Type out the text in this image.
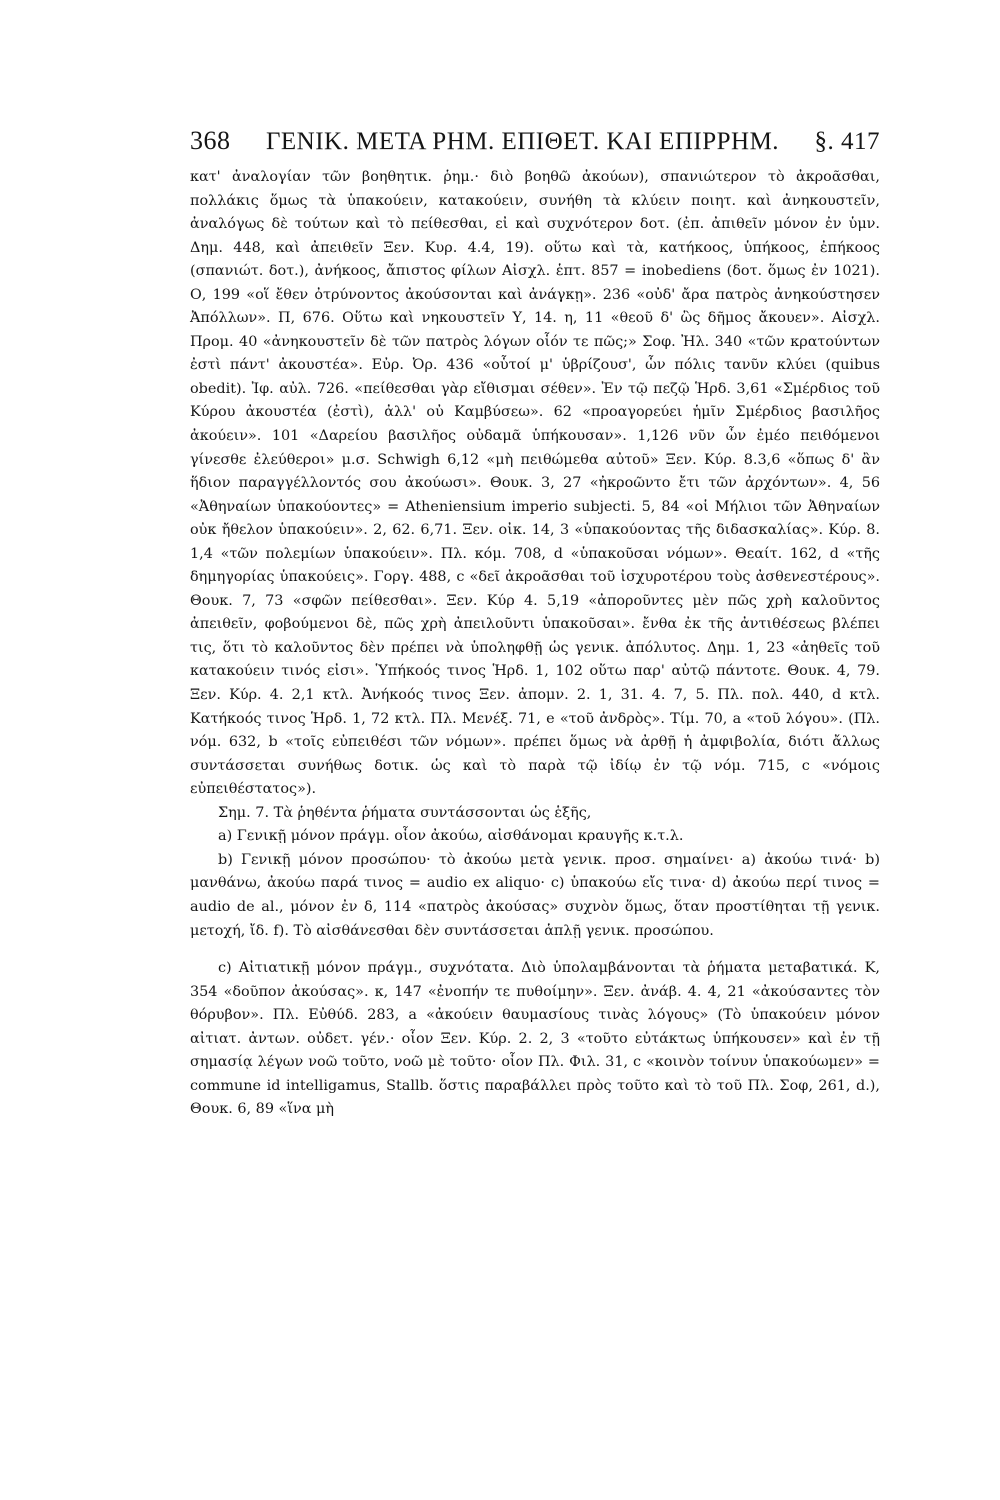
368 ΓΕΝΙΚ. ΜΕΤΑ ΡΗΜ. ΕΠΙΘΕΤ. ΚΑΙ ΕΠΙΡΡΗΜ. §. 417
κατ' ἀναλογίαν τῶν βοηθητικ. ῥημ.· διὸ βοηθῶ ἀκούων), σπανιώτερον τὸ ἀκροᾶσθαι, πολλάκις ὅμως τὰ ὑπακούειν, κατακούειν, συνήθη τὰ κλύειν ποιητ. καὶ ἀνηκουστεῖν, ἀναλόγως δὲ τούτων καὶ τὸ πείθεσθαι, εἰ καὶ συχνότερον δοτ. (ἐπ. ἀπιθεῖν μόνον ἐν ὑμν. Δημ. 448, καὶ ἀπειθεῖν Ξεν. Κυρ. 4.4, 19). οὕτω καὶ τὰ, κατήκοος, ὑπήκοος, ἐπήκοος (σπανιώτ. δοτ.), ἀνήκοος, ἄπιστος φίλων Αἰσχλ. ἑπτ. 857 = inobediens (δοτ. ὅμως ἐν 1021). Ο, 199 «οἵ ἔθεν ὀτρύνοντος ἀκούσονται καὶ ἀνάγκῃ». 236 «οὐδ' ἄρα πατρὸς ἀνηκούστησεν Ἀπόλλων». Π, 676. Οὕτω καὶ νηκουστεῖν Υ, 14. η, 11 «θεοῦ δ' ὣς δῆμος ἄκουεν». Αἰσχλ. Προμ. 40 «ἀνηκουστεῖν δὲ τῶν πατρὸς λόγων οἷόν τε πῶς;» Σοφ. Ἠλ. 340 «τῶν κρατούντων ἐστὶ πάντ' ἀκουστέα». Εὐρ. Ὀρ. 436 «οὗτοί μ' ὑβρίζουσ', ὧν πόλις τανῦν κλύει (quibus obedit). Ἰφ. αὐλ. 726. «πείθεσθαι γὰρ εἴθισμαι σέθεν». Ἐν τῷ πεζῷ Ἡρδ. 3,61 «Σμέρδιος τοῦ Κύρου ἀκουστέα (ἐστὶ), ἀλλ' οὐ Καμβύσεω». 62 «προαγορεύει ἡμῖν Σμέρδιος βασιλῆος ἀκούειν». 101 «Δαρείου βασιλῆος οὐδαμᾶ ὑπήκουσαν». 1,126 νῦν ὦν ἐμέο πειθόμενοι γίνεσθε ἐλεύθεροι» μ.σ. Schwigh 6,12 «μὴ πειθώμεθα αὐτοῦ» Ξεν. Κύρ. 8.3,6 «ὅπως δ' ἂν ἥδιον παραγγέλλοντός σου ἀκούωσι». Θουκ. 3, 27 «ἠκροῶντο ἔτι τῶν ἀρχόντων». 4, 56 «Ἀθηναίων ὑπακούοντες» = Atheniensium imperio subjecti. 5, 84 «οἱ Μήλιοι τῶν Ἀθηναίων οὐκ ἤθελον ὑπακούειν». 2, 62. 6,71. Ξεν. οἰκ. 14, 3 «ὑπακούοντας τῆς διδασκαλίας». Κύρ. 8. 1,4 «τῶν πολεμίων ὑπακούειν». Πλ. κόμ. 708, d «ὑπακοῦσαι νόμων». Θεαίτ. 162, d «τῆς δημηγορίας ὑπακούεις». Γοργ. 488, c «δεῖ ἀκροᾶσθαι τοῦ ἰσχυροτέρου τοὺς ἀσθενεστέρους». Θουκ. 7, 73 «σφῶν πείθεσθαι». Ξεν. Κύρ 4. 5,19 «ἀποροῦντες μὲν πῶς χρὴ καλοῦντος ἀπειθεῖν, φοβούμενοι δὲ, πῶς χρὴ ἀπειλοῦντι ὑπακοῦσαι». ἔνθα ἐκ τῆς ἀντιθέσεως βλέπει τις, ὅτι τὸ καλοῦντος δὲν πρέπει νὰ ὑποληφθῇ ὡς γενικ. ἀπόλυτος. Δημ. 1, 23 «ἀηθεῖς τοῦ κατακούειν τινός εἰσι». Ὑπήκοός τινος Ἡρδ. 1, 102 οὕτω παρ' αὐτῷ πάντοτε. Θουκ. 4, 79. Ξεν. Κύρ. 4. 2,1 κτλ. Ἀνήκοός τινος Ξεν. ἀπομν. 2. 1, 31. 4. 7, 5. Πλ. πολ. 440, d κτλ. Κατήκοός τινος Ἡρδ. 1, 72 κτλ. Πλ. Μενέξ. 71, e «τοῦ ἀνδρὸς». Τίμ. 70, a «τοῦ λόγου». (Πλ. νόμ. 632, b «τοῖς εὐπειθέσι τῶν νόμων». πρέπει ὅμως νὰ ἀρθῇ ἡ ἀμφιβολία, διότι ἄλλως συντάσσεται συνήθως δοτικ. ὡς καὶ τὸ παρὰ τῷ ἰδίῳ ἐν τῷ νόμ. 715, c «νόμοις εὐπειθέστατος»).
Σημ. 7. Τὰ ῥηθέντα ῥήματα συντάσσονται ὡς ἑξῆς,
a) Γενικῇ μόνον πράγμ. οἷον ἀκούω, αἰσθάνομαι κραυγῆς κ.τ.λ.
b) Γενικῇ μόνον προσώπου· τὸ ἀκούω μετὰ γενικ. προσ. σημαίνει· a) ἀκούω τινά· b) μανθάνω, ἀκούω παρά τινος = audio ex aliquo· c) ὑπακούω εἴς τινα· d) ἀκούω περί τινος = audio de al., μόνον ἐν δ, 114 «πατρὸς ἀκούσας» συχνὸν ὅμως, ὅταν προστίθηται τῇ γενικ. μετοχή, ἴδ. f). Τὸ αἰσθάνεσθαι δὲν συντάσσεται ἁπλῇ γενικ. προσώπου.
c) Αἰτιατικῇ μόνον πράγμ., συχνότατα. Διὸ ὑπολαμβάνονται τὰ ῥήματα μεταβατικά. Κ, 354 «δοῦπον ἀκούσας». κ, 147 «ἐνοπήν τε πυθοίμην». Ξεν. ἀνάβ. 4. 4, 21 «ἀκούσαντες τὸν θόρυβον». Πλ. Εὐθύδ. 283, a «ἀκούειν θαυμασίους τινὰς λόγους» (Τὸ ὑπακούειν μόνον αἰτιατ. ἀντων. οὐδετ. γέν.· οἷον Ξεν. Κύρ. 2. 2, 3 «τοῦτο εὐτάκτως ὑπήκουσεν» καὶ ἐν τῇ σημασίᾳ λέγων νοῶ τοῦτο, νοῶ μὲ τοῦτο· οἷον Πλ. Φιλ. 31, c «κοινὸν τοίνυν ὑπακούωμεν» = commune id intelligamus, Stallb. ὅστις παραβάλλει πρὸς τοῦτο καὶ τὸ τοῦ Πλ. Σοφ, 261, d.), Θουκ. 6, 89 «ἵνα μὴ
